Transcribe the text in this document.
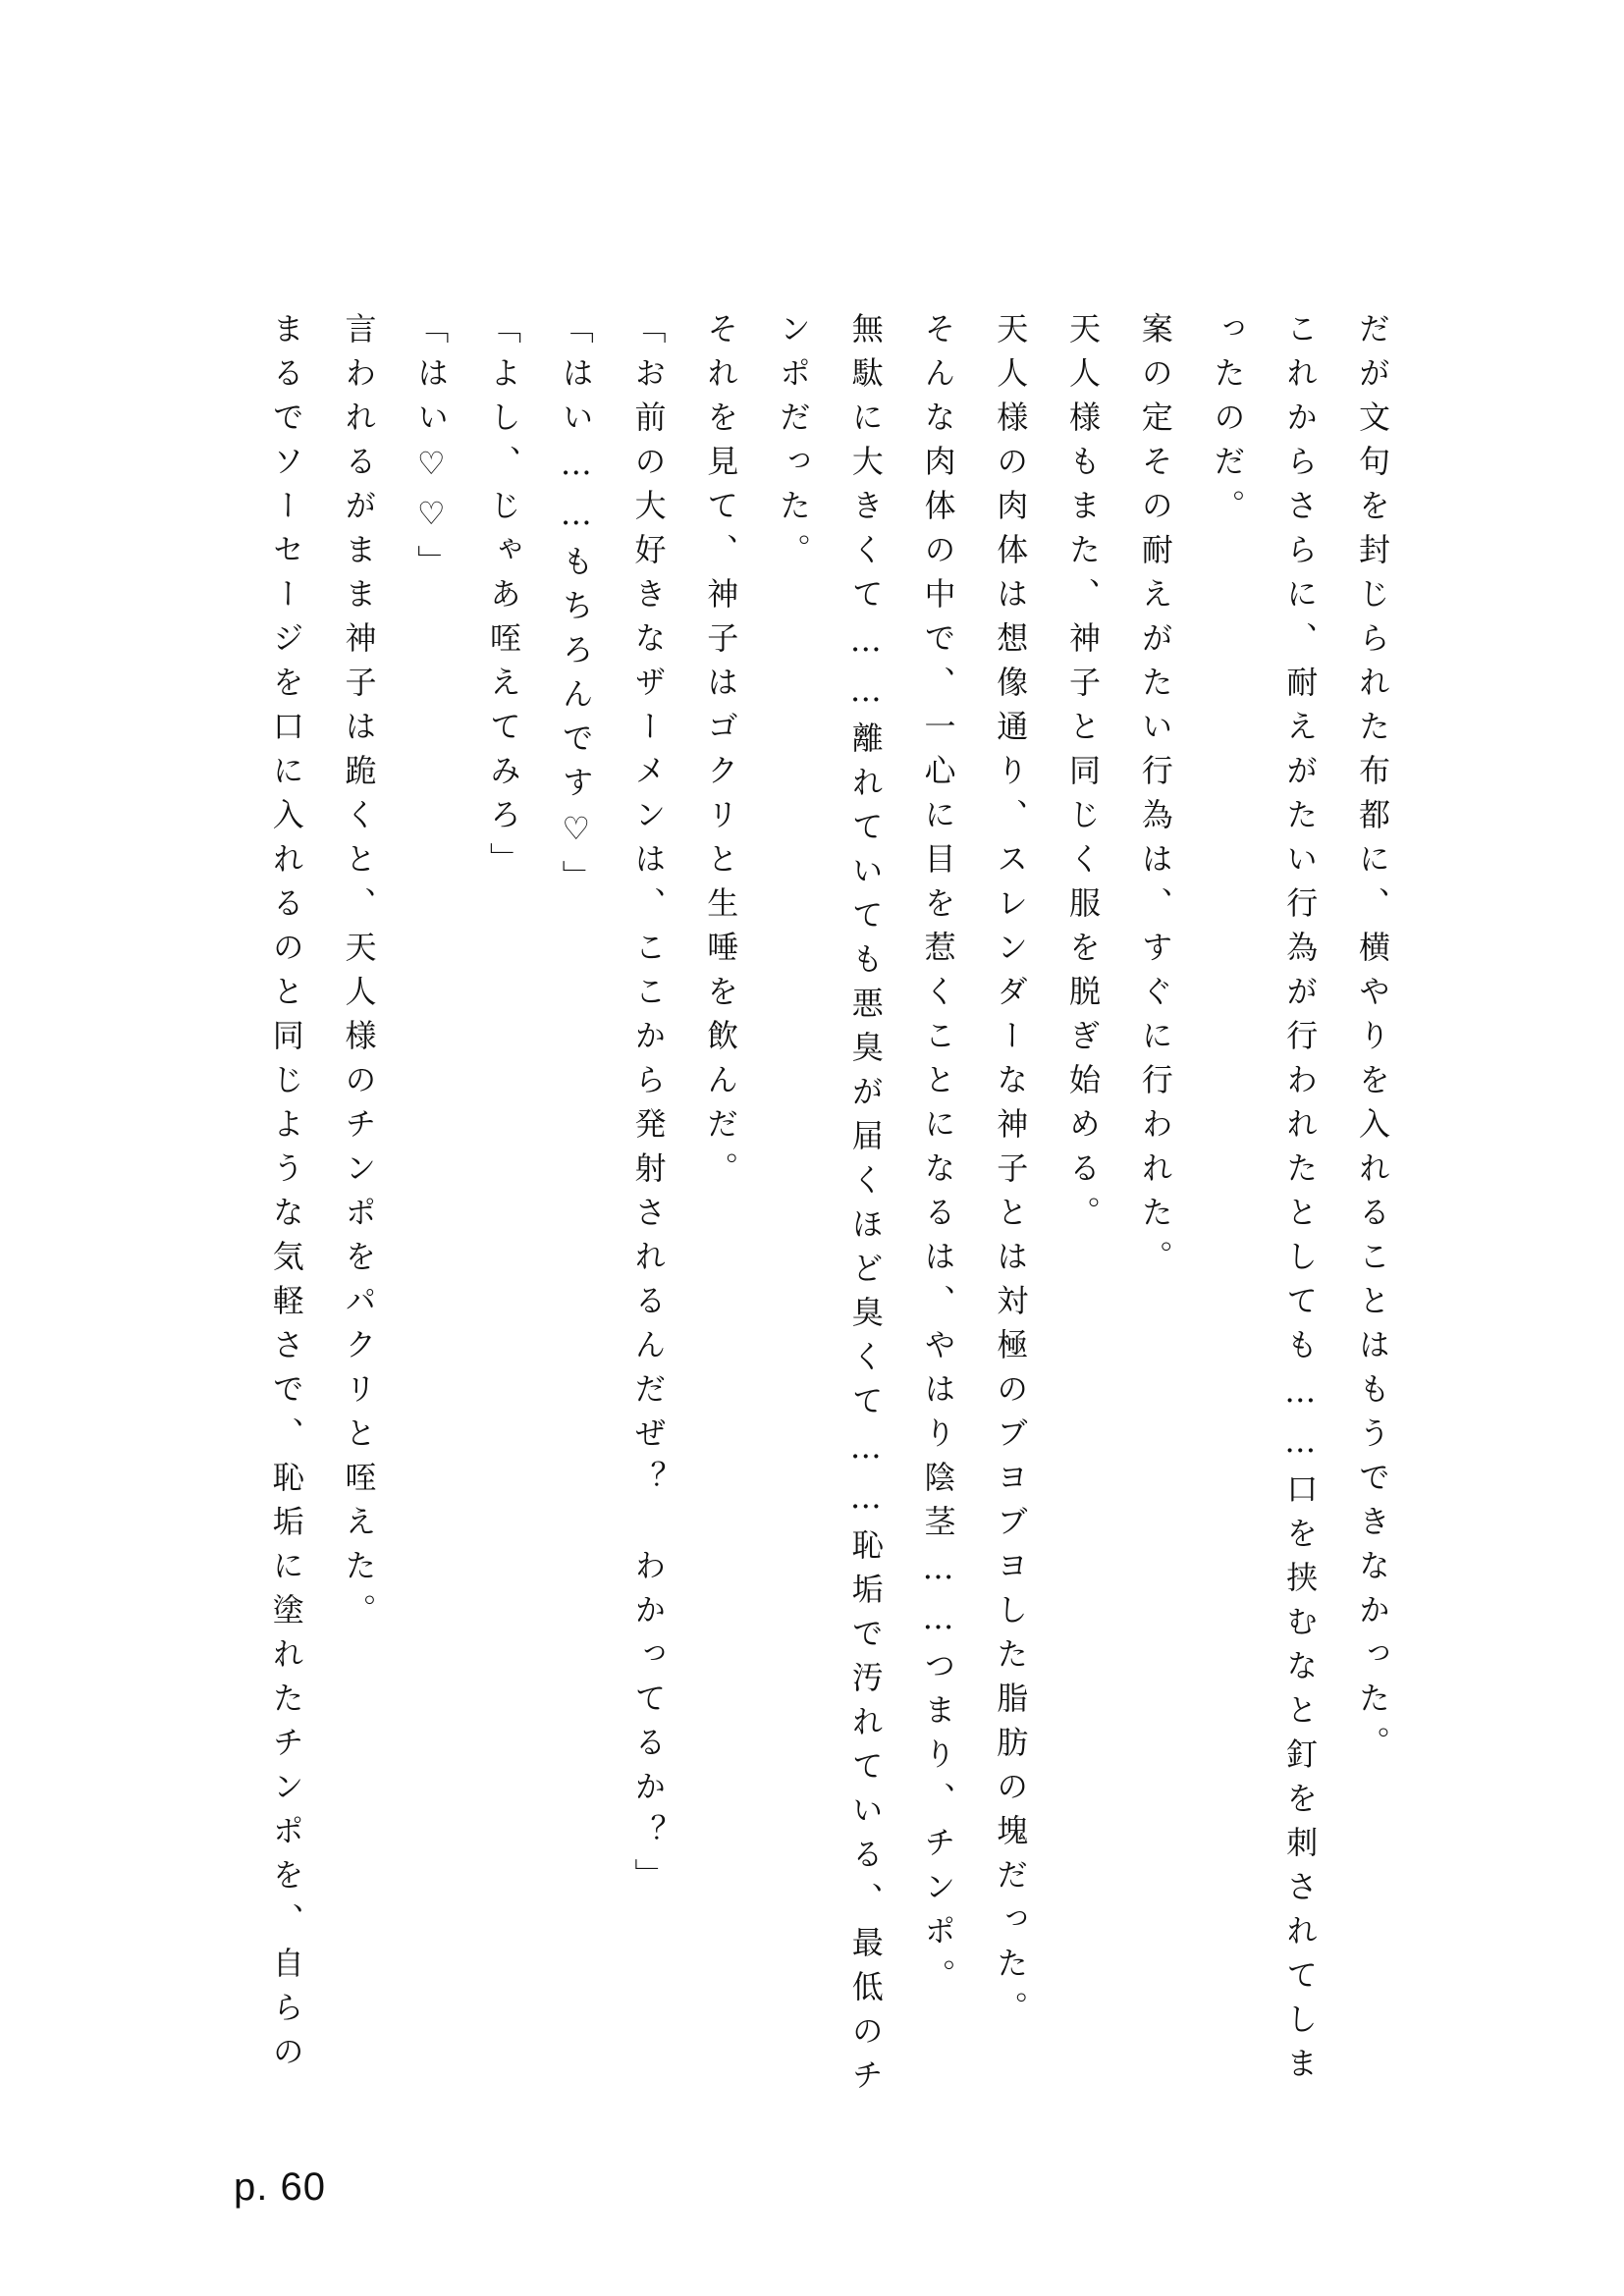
だが文句を封じられた布都に、横やりを入れることはもうできなかった。
これからさらに、耐えがたい行為が行われたとしても……口を挟むなと釘を刺されてしま
ったのだ。
案の定その耐えがたい行為は、すぐに行われた。
天人様もまた、神子と同じく服を脱ぎ始める。
天人様の肉体は想像通り、スレンダーな神子とは対極のブヨブヨした脂肪の塊だった。
そんな肉体の中で、一心に目を惹くことになるは、やはり陰茎……つまり、チンポ。
無駄に大きくて……離れていても悪臭が届くほど臭くて……恥垢で汚れている、最低のチ
ンポだった。
それを見て、神子はゴクリと生唾を飲んだ。
「お前の大好きなザーメンは、ここから発射されるんだぜ？　わかってるか？」
「はい……もちろんです♡」
「よし、じゃあ咥えてみろ」
「はい♡♡」
言われるがまま神子は跪くと、天人様のチンポをパクリと咥えた。
まるでソーセージを口に入れるのと同じような気軽さで、恥垢に塗れたチンポを、自らの
p. 60
